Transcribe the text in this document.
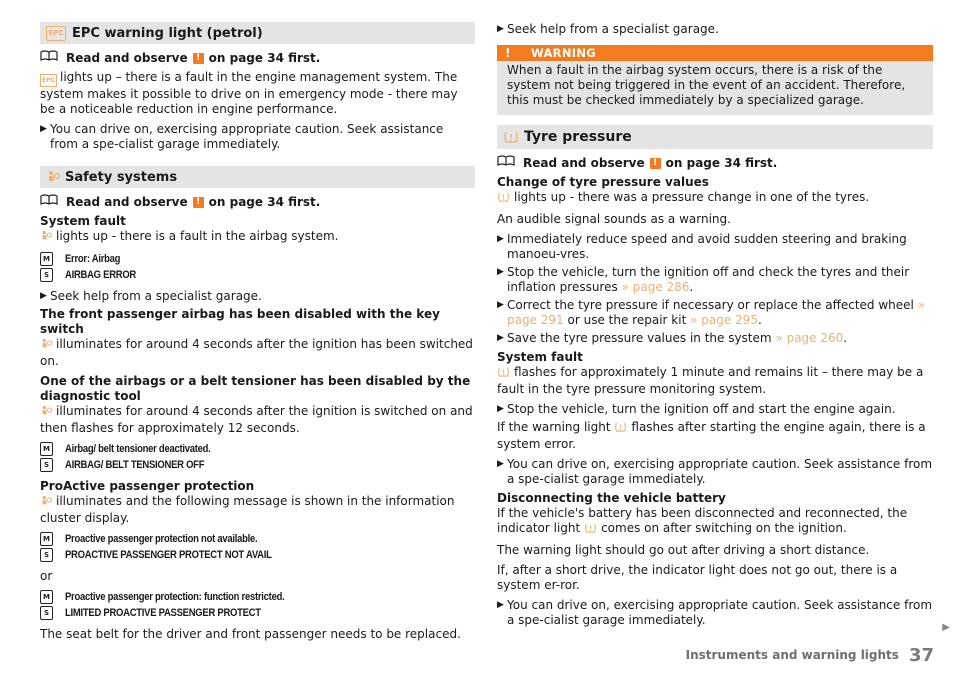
EPC EPC warning light (petrol)
Read and observe ! on page 34 first.

EPC lights up – there is a fault in the engine management system. The system makes it possible to drive on in emergency mode - there may be a noticeable reduction in engine performance.

▶ You can drive on, exercising appropriate caution. Seek assistance from a spe-cialist garage immediately.
Safety systems
Read and observe ! on page 34 first.
System fault

lights up - there is a fault in the airbag system.

M Error: Airbag
S	AIRBAG ERROR
▶ Seek help from a specialist garage.
The front passenger airbag has been disabled with the key switch

illuminates for around 4 seconds after the ignition has been switched on.

One of the airbags or a belt tensioner has been disabled by the diagnostic tool

illuminates for around 4 seconds after the ignition is switched on and then flashes for approximately 12 seconds.

M Airbag/ belt tensioner deactivated.
S	AIRBAG/ BELT TENSIONER OFF
ProActive passenger protection

illuminates and the following message is shown in the information cluster display.

M Proactive passenger protection not available.
S	PROACTIVE PASSENGER PROTECT NOT AVAIL

or

M Proactive passenger protection: function restricted.
S	LIMITED PROACTIVE PASSENGER PROTECT

The seat belt for the driver and front passenger needs to be replaced.

▶ Seek help from a specialist garage.
!	WARNING
When a fault in the airbag system occurs, there is a risk of the system not being triggered in the event of an accident. Therefore, this must be checked immediately by a specialized garage.
Tyre pressure
Read and observe ! on page 34 first.
Change of tyre pressure values

lights up - there was a pressure change in one of the tyres.

An audible signal sounds as a warning.

▶ Immediately reduce speed and avoid sudden steering and braking manoeu-vres.
▶ Stop the vehicle, turn the ignition off and check the tyres and their inflation pressures » page 286.
▶ Correct the tyre pressure if necessary or replace the affected wheel » page 291 or use the repair kit » page 295.
▶ Save the tyre pressure values in the system » page 260.
System fault

flashes for approximately 1 minute and remains lit – there may be a fault in the tyre pressure monitoring system.

▶ Stop the vehicle, turn the ignition off and start the engine again.

If the warning light flashes after starting the engine again, there is a system error.

▶ You can drive on, exercising appropriate caution. Seek assistance from a spe-cialist garage immediately.
Disconnecting the vehicle battery

If the vehicle's battery has been disconnected and reconnected, the indicator light comes on after switching on the ignition.

The warning light should go out after driving a short distance.

If, after a short drive, the indicator light does not go out, there is a system er-ror.

▶ You can drive on, exercising appropriate caution. Seek assistance from a spe-cialist garage immediately.
▶
Instruments and warning lights 37
